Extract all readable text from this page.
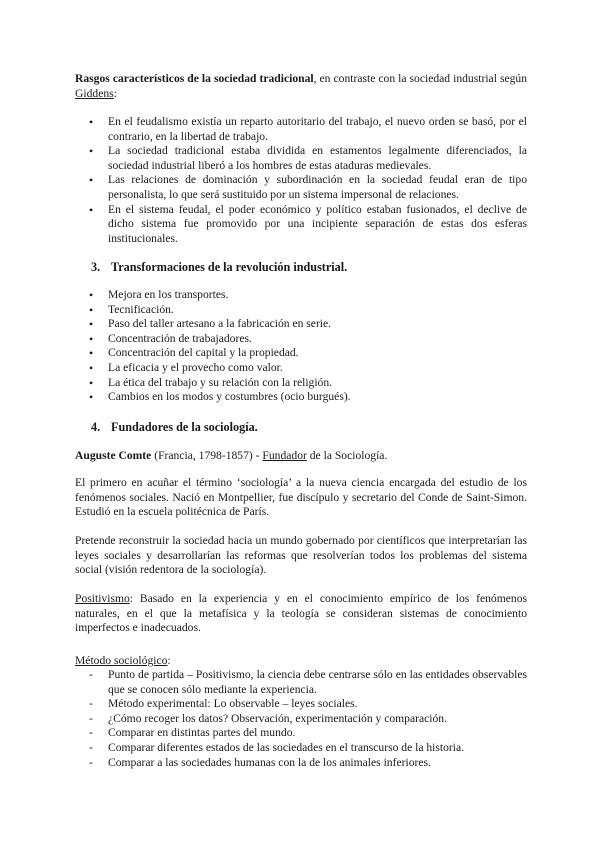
Rasgos característicos de la sociedad tradicional, en contraste con la sociedad industrial según Giddens:
• En el feudalismo existía un reparto autoritario del trabajo, el nuevo orden se basó, por el contrario, en la libertad de trabajo.
• La sociedad tradicional estaba dividida en estamentos legalmente diferenciados, la sociedad industrial liberó a los hombres de estas ataduras medievales.
• Las relaciones de dominación y subordinación en la sociedad feudal eran de tipo personalista, lo que será sustituido por un sistema impersonal de relaciones.
• En el sistema feudal, el poder económico y político estaban fusionados, el declive de dicho sistema fue promovido por una incipiente separación de estas dos esferas institucionales.
3. Transformaciones de la revolución industrial.
• Mejora en los transportes.
• Tecnificación.
• Paso del taller artesano a la fabricación en serie.
• Concentración de trabajadores.
• Concentración del capital y la propiedad.
• La eficacia y el provecho como valor.
• La ética del trabajo y su relación con la religión.
• Cambios en los modos y costumbres (ocio burgués).
4. Fundadores de la sociología.
Auguste Comte (Francia, 1798-1857) - Fundador de la Sociología.
El primero en acuñar el término ‘sociología’ a la nueva ciencia encargada del estudio de los fenómenos sociales. Nació en Montpellier, fue discípulo y secretario del Conde de Saint-Simon. Estudió en la escuela politécnica de París.
Pretende reconstruir la sociedad hacia un mundo gobernado por científicos que interpretarían las leyes sociales y desarrollarían las reformas que resolverían todos los problemas del sistema social (visión redentora de la sociología).
Positivismo: Basado en la experiencia y en el conocimiento empírico de los fenómenos naturales, en el que la metafísica y la teología se consideran sistemas de conocimiento imperfectos e inadecuados.
Método sociológico:
- Punto de partida – Positivismo, la ciencia debe centrarse sólo en las entidades observables que se conocen sólo mediante la experiencia.
- Método experimental: Lo observable – leyes sociales.
- ¿Cómo recoger los datos? Observación, experimentación y comparación.
- Comparar en distintas partes del mundo.
- Comparar diferentes estados de las sociedades en el transcurso de la historia.
- Comparar a las sociedades humanas con la de los animales inferiores.
